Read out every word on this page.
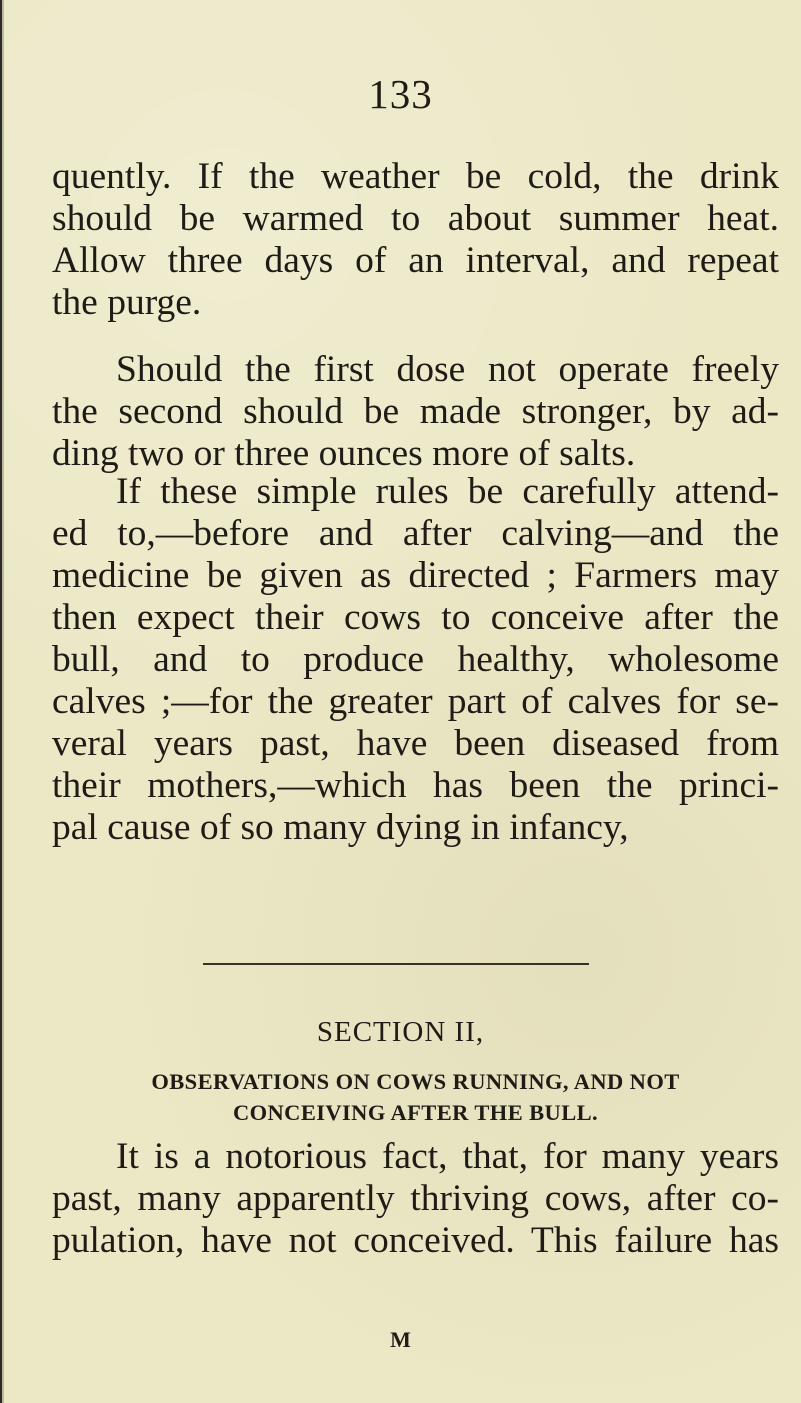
133
quently. If the weather be cold, the drink
should be warmed to about summer heat.
Allow three days of an interval, and repeat
the purge.
Should the first dose not operate freely
the second should be made stronger, by ad-
ding two or three ounces more of salts.
If these simple rules be carefully attend-
ed to,—before and after calving—and the
medicine be given as directed ; Farmers may
then expect their cows to conceive after the
bull, and to produce healthy, wholesome
calves ;—for the greater part of calves for se-
veral years past, have been diseased from
their mothers,—which has been the princi-
pal cause of so many dying in infancy,
SECTION II,
OBSERVATIONS ON COWS RUNNING, AND NOT
CONCEIVING AFTER THE BULL.
It is a notorious fact, that, for many years
past, many apparently thriving cows, after co-
pulation, have not conceived. This failure has
M
